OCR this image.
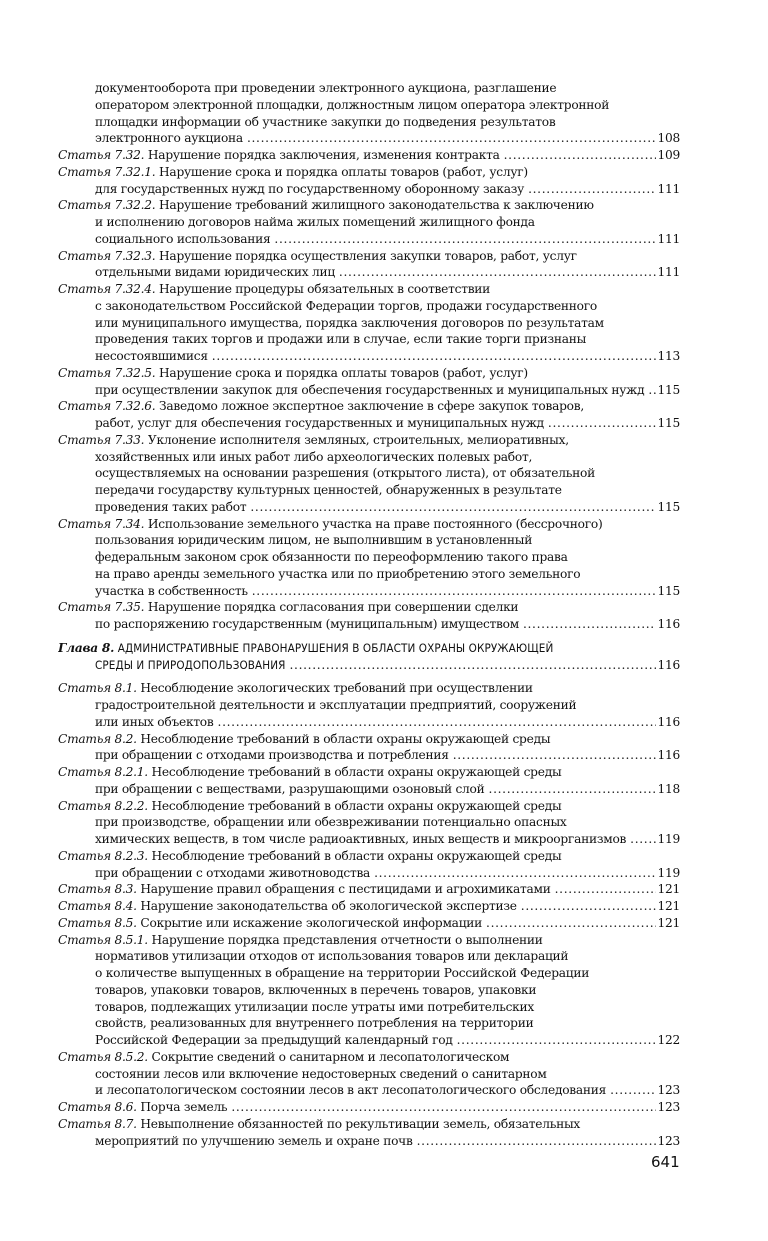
документооборота при проведении электронного аукциона, разглашение
оператором электронной площадки, должностным лицом оператора электронной
площадки информации об участнике закупки до подведения результатов
электронного аукциона . . .	108
Статья 7.32. Нарушение порядка заключения, изменения контракта . . .	109
Статья 7.32.1. Нарушение срока и порядка оплаты товаров (работ, услуг)
для государственных нужд по государственному оборонному заказу . . .	111
Статья 7.32.2. Нарушение требований жилищного законодательства к заключению
и исполнению договоров найма жилых помещений жилищного фонда
социального использования . . .	111
Статья 7.32.3. Нарушение порядка осуществления закупки товаров, работ, услуг
отдельными видами юридических лиц . . .	111
Статья 7.32.4. Нарушение процедуры обязательных в соответствии
с законодательством Российской Федерации торгов, продажи государственного
или муниципального имущества, порядка заключения договоров по результатам
проведения таких торгов и продажи или в случае, если такие торги признаны
несостоявшимися . . .	113
Статья 7.32.5. Нарушение срока и порядка оплаты товаров (работ, услуг)
при осуществлении закупок для обеспечения государственных и муниципальных нужд . . . 115
Статья 7.32.6. Заведомо ложное экспертное заключение в сфере закупок товаров,
работ, услуг для обеспечения государственных и муниципальных нужд . . .	115
Статья 7.33. Уклонение исполнителя земляных, строительных, мелиоративных,
хозяйственных или иных работ либо археологических полевых работ,
осуществляемых на основании разрешения (открытого листа), от обязательной
передачи государству культурных ценностей, обнаруженных в результате
проведения таких работ . . .	115
Статья 7.34. Использование земельного участка на праве постоянного (бессрочного)
пользования юридическим лицом, не выполнившим в установленный
федеральным законом срок обязанности по переоформлению такого права
на право аренды земельного участка или по приобретению этого земельного
участка в собственность . . .	115
Статья 7.35. Нарушение порядка согласования при совершении сделки
по распоряжению государственным (муниципальным) имуществом . . .	116
Глава 8. АДМИНИСТРАТИВНЫЕ ПРАВОНАРУШЕНИЯ В ОБЛАСТИ ОХРАНЫ ОКРУЖАЮЩЕЙ
СРЕДЫ И ПРИРОДОПОЛЬЗОВАНИЯ . . .	116
Статья 8.1. Несоблюдение экологических требований при осуществлении
градостроительной деятельности и эксплуатации предприятий, сооружений
или иных объектов . . .	116
Статья 8.2. Несоблюдение требований в области охраны окружающей среды
при обращении с отходами производства и потребления . . .	116
Статья 8.2.1. Несоблюдение требований в области охраны окружающей среды
при обращении с веществами, разрушающими озоновый слой . . .	118
Статья 8.2.2. Несоблюдение требований в области охраны окружающей среды
при производстве, обращении или обезвреживании потенциально опасных
химических веществ, в том числе радиоактивных, иных веществ и микроорганизмов . . .	119
Статья 8.2.3. Несоблюдение требований в области охраны окружающей среды
при обращении с отходами животноводства . . .	119
Статья 8.3. Нарушение правил обращения с пестицидами и агрохимикатами . . .	121
Статья 8.4. Нарушение законодательства об экологической экспертизе . . .	121
Статья 8.5. Сокрытие или искажение экологической информации . . .	121
Статья 8.5.1. Нарушение порядка представления отчетности о выполнении
нормативов утилизации отходов от использования товаров или деклараций
о количестве выпущенных в обращение на территории Российской Федерации
товаров, упаковки товаров, включенных в перечень товаров, упаковки
товаров, подлежащих утилизации после утраты ими потребительских
свойств, реализованных для внутреннего потребления на территории
Российской Федерации за предыдущий календарный год . . .	122
Статья 8.5.2. Сокрытие сведений о санитарном и лесопатологическом
состоянии лесов или включение недостоверных сведений о санитарном
и лесопатологическом состоянии лесов в акт лесопатологического обследования . . .	123
Статья 8.6. Порча земель . . .	123
Статья 8.7. Невыполнение обязанностей по рекультивации земель, обязательных
мероприятий по улучшению земель и охране почв . . .	123
641
